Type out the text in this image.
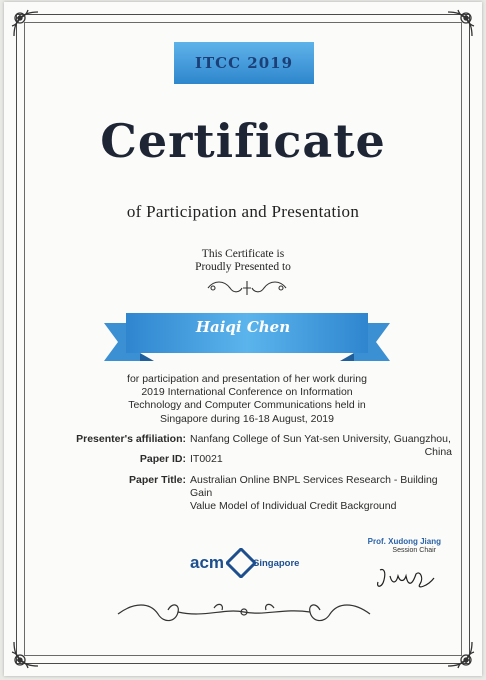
ITCC 2019
Certificate
of Participation and Presentation
This Certificate is
Proudly Presented to
Haiqi Chen
for participation and presentation of her work during
2019 International Conference on Information
Technology and Computer Communications held in
Singapore during 16-18 August, 2019
Presenter's affiliation: Nanfang College of Sun Yat-sen University, Guangzhou,
China
Paper ID: IT0021
Paper Title: Australian Online BNPL Services Research - Building Gain
Value Model of Individual Credit Background
acm	Singapore
Prof. Xudong Jiang
Session Chair
